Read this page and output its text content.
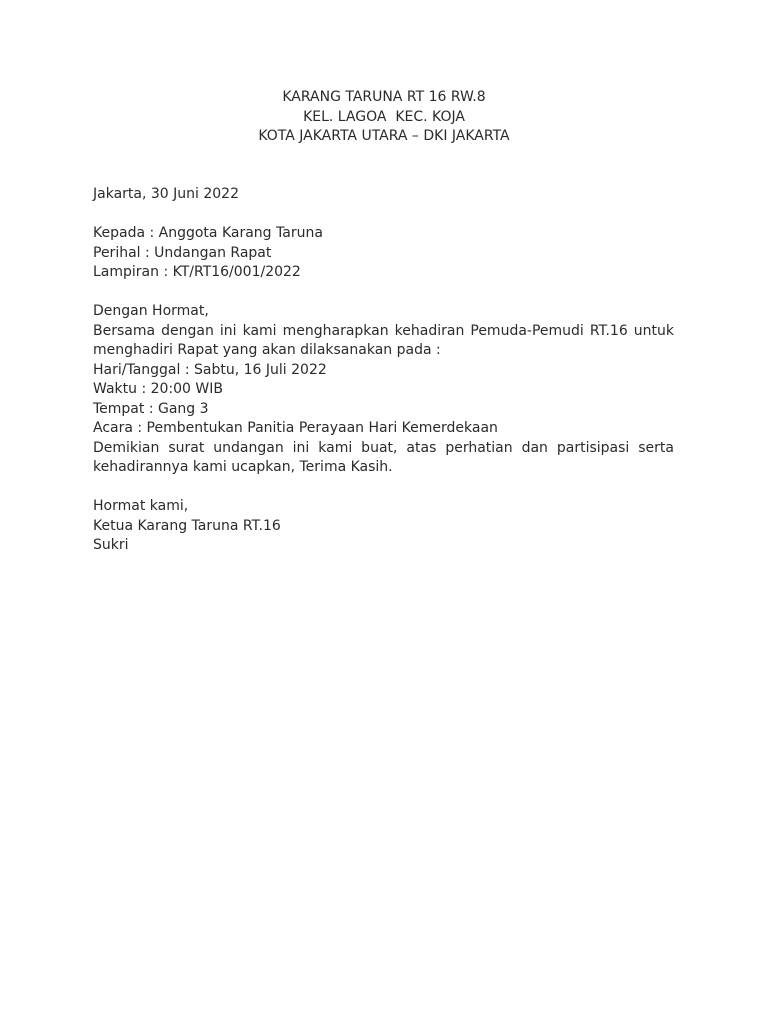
KARANG TARUNA RT 16 RW.8
KEL. LAGOA  KEC. KOJA
KOTA JAKARTA UTARA – DKI JAKARTA
Jakarta, 30 Juni 2022
Kepada : Anggota Karang Taruna
Perihal : Undangan Rapat
Lampiran : KT/RT16/001/2022
Dengan Hormat,
Bersama dengan ini kami mengharapkan kehadiran Pemuda-Pemudi RT.16 untuk menghadiri Rapat yang akan dilaksanakan pada :
Hari/Tanggal : Sabtu, 16 Juli 2022
Waktu : 20:00 WIB
Tempat : Gang 3
Acara : Pembentukan Panitia Perayaan Hari Kemerdekaan
Demikian surat undangan ini kami buat, atas perhatian dan partisipasi serta kehadirannya kami ucapkan, Terima Kasih.
Hormat kami,
Ketua Karang Taruna RT.16
Sukri
